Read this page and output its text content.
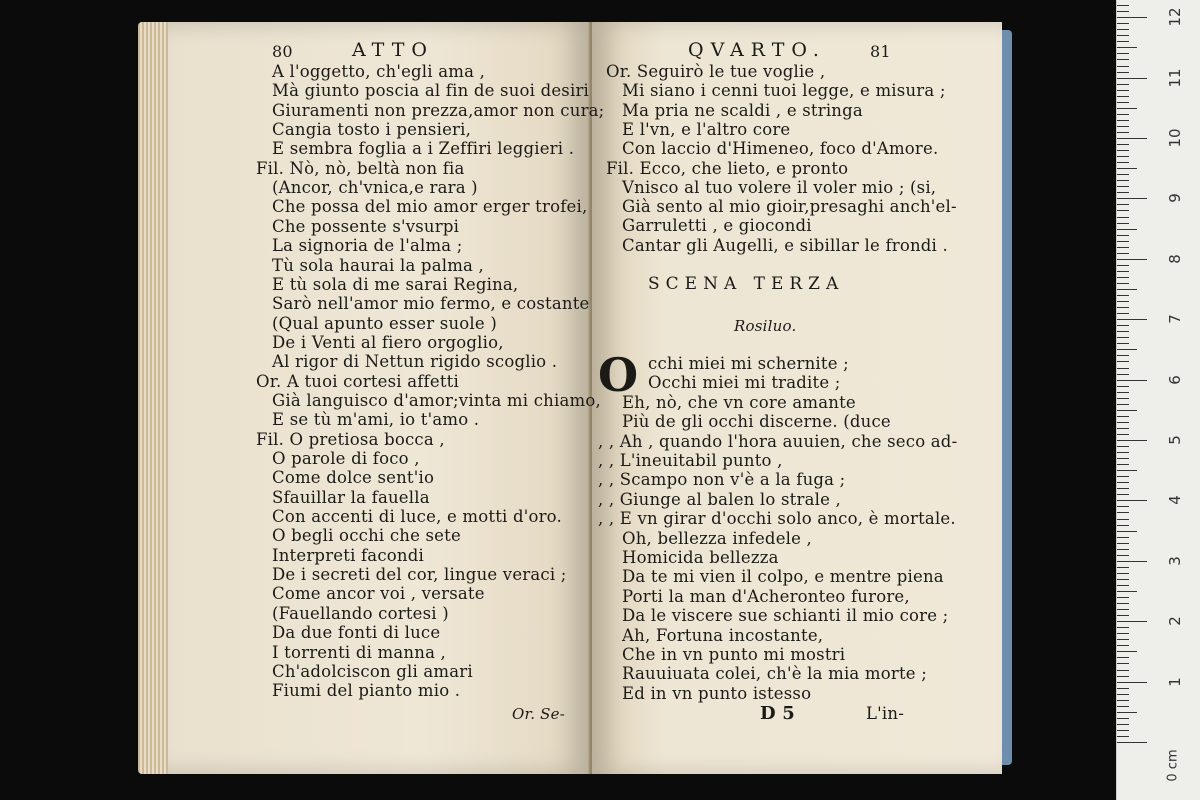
80	ATTO
A l'oggetto, ch'egli ama ,
Mà giunto poscia al fin de suoi desiri
Giuramenti non prezza,amor non cura;
Cangia tosto i pensieri,
E sembra foglia a i Zeffiri leggieri .
Fil. Nò, nò, beltà non fia
(Ancor, ch'vnica,e rara )
Che possa del mio amor erger trofei,
Che possente s'vsurpi
La signoria de l'alma ;
Tù sola haurai la palma ,
E tù sola di me sarai Regina,
Sarò nell'amor mio fermo, e costante
(Qual apunto esser suole )
De i Venti al fiero orgoglio,
Al rigor di Nettun rigido scoglio .
Or. A tuoi cortesi affetti
Già languisco d'amor;vinta mi chiamo,
E se tù m'ami, io t'amo .
Fil. O pretiosa bocca ,
O parole di foco ,
Come dolce sent'io
Sfauillar la fauella
Con accenti di luce, e motti d'oro.
O begli occhi che sete
Interpreti facondi
De i secreti del cor, lingue veraci ;
Come ancor voi , versate
(Fauellando cortesi )
Da due fonti di luce
I torrenti di manna ,
Ch'adolciscon gli amari
Fiumi del pianto mio .
Or. Se-
QVARTO.	81
Or. Seguirò le tue voglie ,
Mi siano i cenni tuoi legge, e misura ;
Ma pria ne scaldi , e stringa
E l'vn, e l'altro core
Con laccio d'Himeneo, foco d'Amore.
Fil. Ecco, che lieto, e pronto
Vnisco al tuo volere il voler mio ; (si,
Già sento al mio gioir,presaghi anch'el-
Garruletti , e giocondi
Cantar gli Augelli, e sibillar le frondi .
SCENA TERZA
Rosiluo.
O cchi miei mi schernite ;
Occhi miei mi tradite ;
Eh, nò, che vn core amante
Più de gli occhi discerne. (duce
, , Ah , quando l'hora auuien, che seco ad-
, , L'ineuitabil punto ,
, , Scampo non v'è a la fuga ;
, , Giunge al balen lo strale ,
, , E vn girar d'occhi solo anco, è mortale.
Oh, bellezza infedele ,
Homicida bellezza
Da te mi vien il colpo, e mentre piena
Porti la man d'Acheronteo furore,
Da le viscere sue schianti il mio core ;
Ah, Fortuna incostante,
Che in vn punto mi mostri
Rauuiuata colei, ch'è la mia morte ;
Ed in vn punto istesso
D 5	L'in-
0 cm
1
2
3
4
5
6
7
8
9
10
11
12
